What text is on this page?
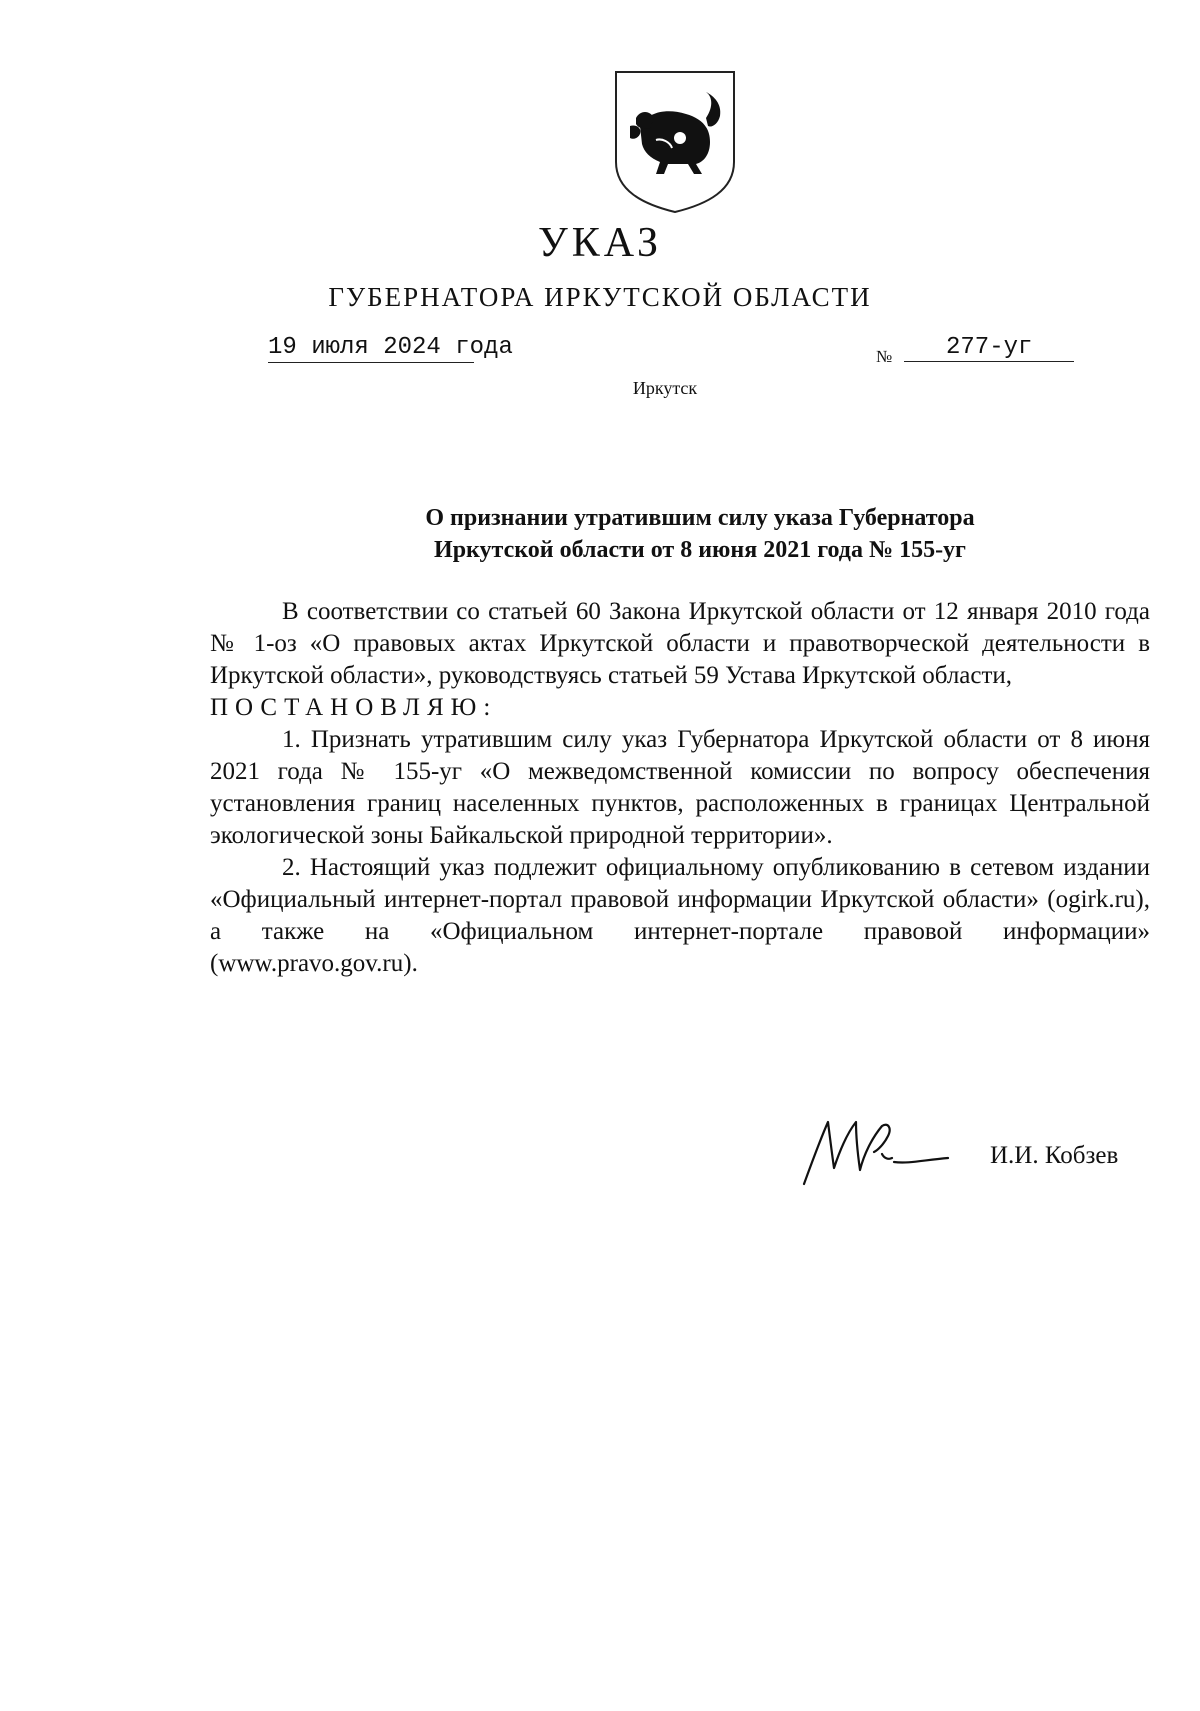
УКАЗ
ГУБЕРНАТОРА ИРКУТСКОЙ ОБЛАСТИ
19 июля 2024 года	№	277-уг
Иркутск
О признании утратившим силу указа Губернатора
Иркутской области от 8 июня 2021 года № 155-уг

В соответствии со статьей 60 Закона Иркутской области от 12 января 2010 года № 1-оз «О правовых актах Иркутской области и правотворческой деятельности в Иркутской области», руководствуясь статьей 59 Устава Иркутской области,

ПОСТАНОВЛЯЮ:

1. Признать утратившим силу указ Губернатора Иркутской области от 8 июня 2021 года № 155-уг «О межведомственной комиссии по вопросу обеспечения установления границ населенных пунктов, расположенных в границах Центральной экологической зоны Байкальской природной территории».

2. Настоящий указ подлежит официальному опубликованию в сетевом издании «Официальный интернет-портал правовой информации Иркутской области» (ogirk.ru), а также на «Официальном интернет-портале правовой информации» (www.pravo.gov.ru).

И.И. Кобзев
